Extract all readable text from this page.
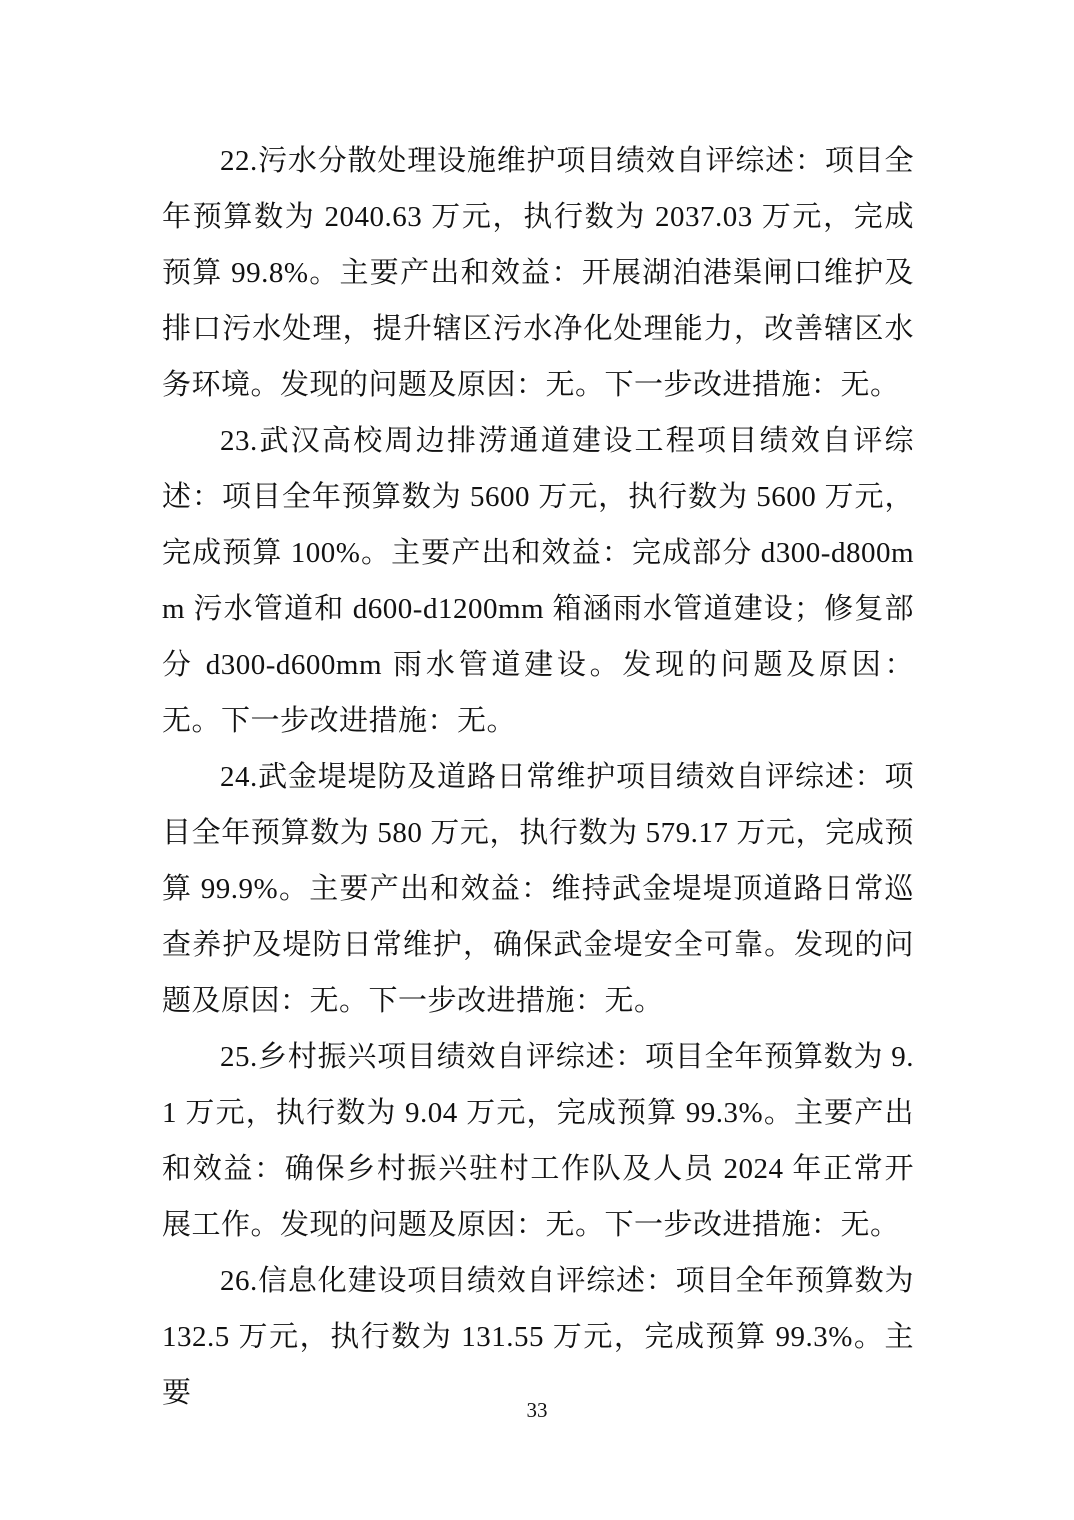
22.污水分散处理设施维护项目绩效自评综述：项目全年预算数为 2040.63 万元，执行数为 2037.03 万元，完成预算 99.8%。主要产出和效益：开展湖泊港渠闸口维护及排口污水处理，提升辖区污水净化处理能力，改善辖区水务环境。发现的问题及原因：无。下一步改进措施：无。

23.武汉高校周边排涝通道建设工程项目绩效自评综述：项目全年预算数为 5600 万元，执行数为 5600 万元，完成预算 100%。主要产出和效益：完成部分 d300-d800mm 污水管道和 d600-d1200mm 箱涵雨水管道建设；修复部分 d300-d600mm 雨水管道建设。发现的问题及原因：无。下一步改进措施：无。

24.武金堤堤防及道路日常维护项目绩效自评综述：项目全年预算数为 580 万元，执行数为 579.17 万元，完成预算 99.9%。主要产出和效益：维持武金堤堤顶道路日常巡查养护及堤防日常维护，确保武金堤安全可靠。发现的问题及原因：无。下一步改进措施：无。

25.乡村振兴项目绩效自评综述：项目全年预算数为 9.1 万元，执行数为 9.04 万元，完成预算 99.3%。主要产出和效益：确保乡村振兴驻村工作队及人员 2024 年正常开展工作。发现的问题及原因：无。下一步改进措施：无。

26.信息化建设项目绩效自评综述：项目全年预算数为 132.5 万元，执行数为 131.55 万元，完成预算 99.3%。主要

33
